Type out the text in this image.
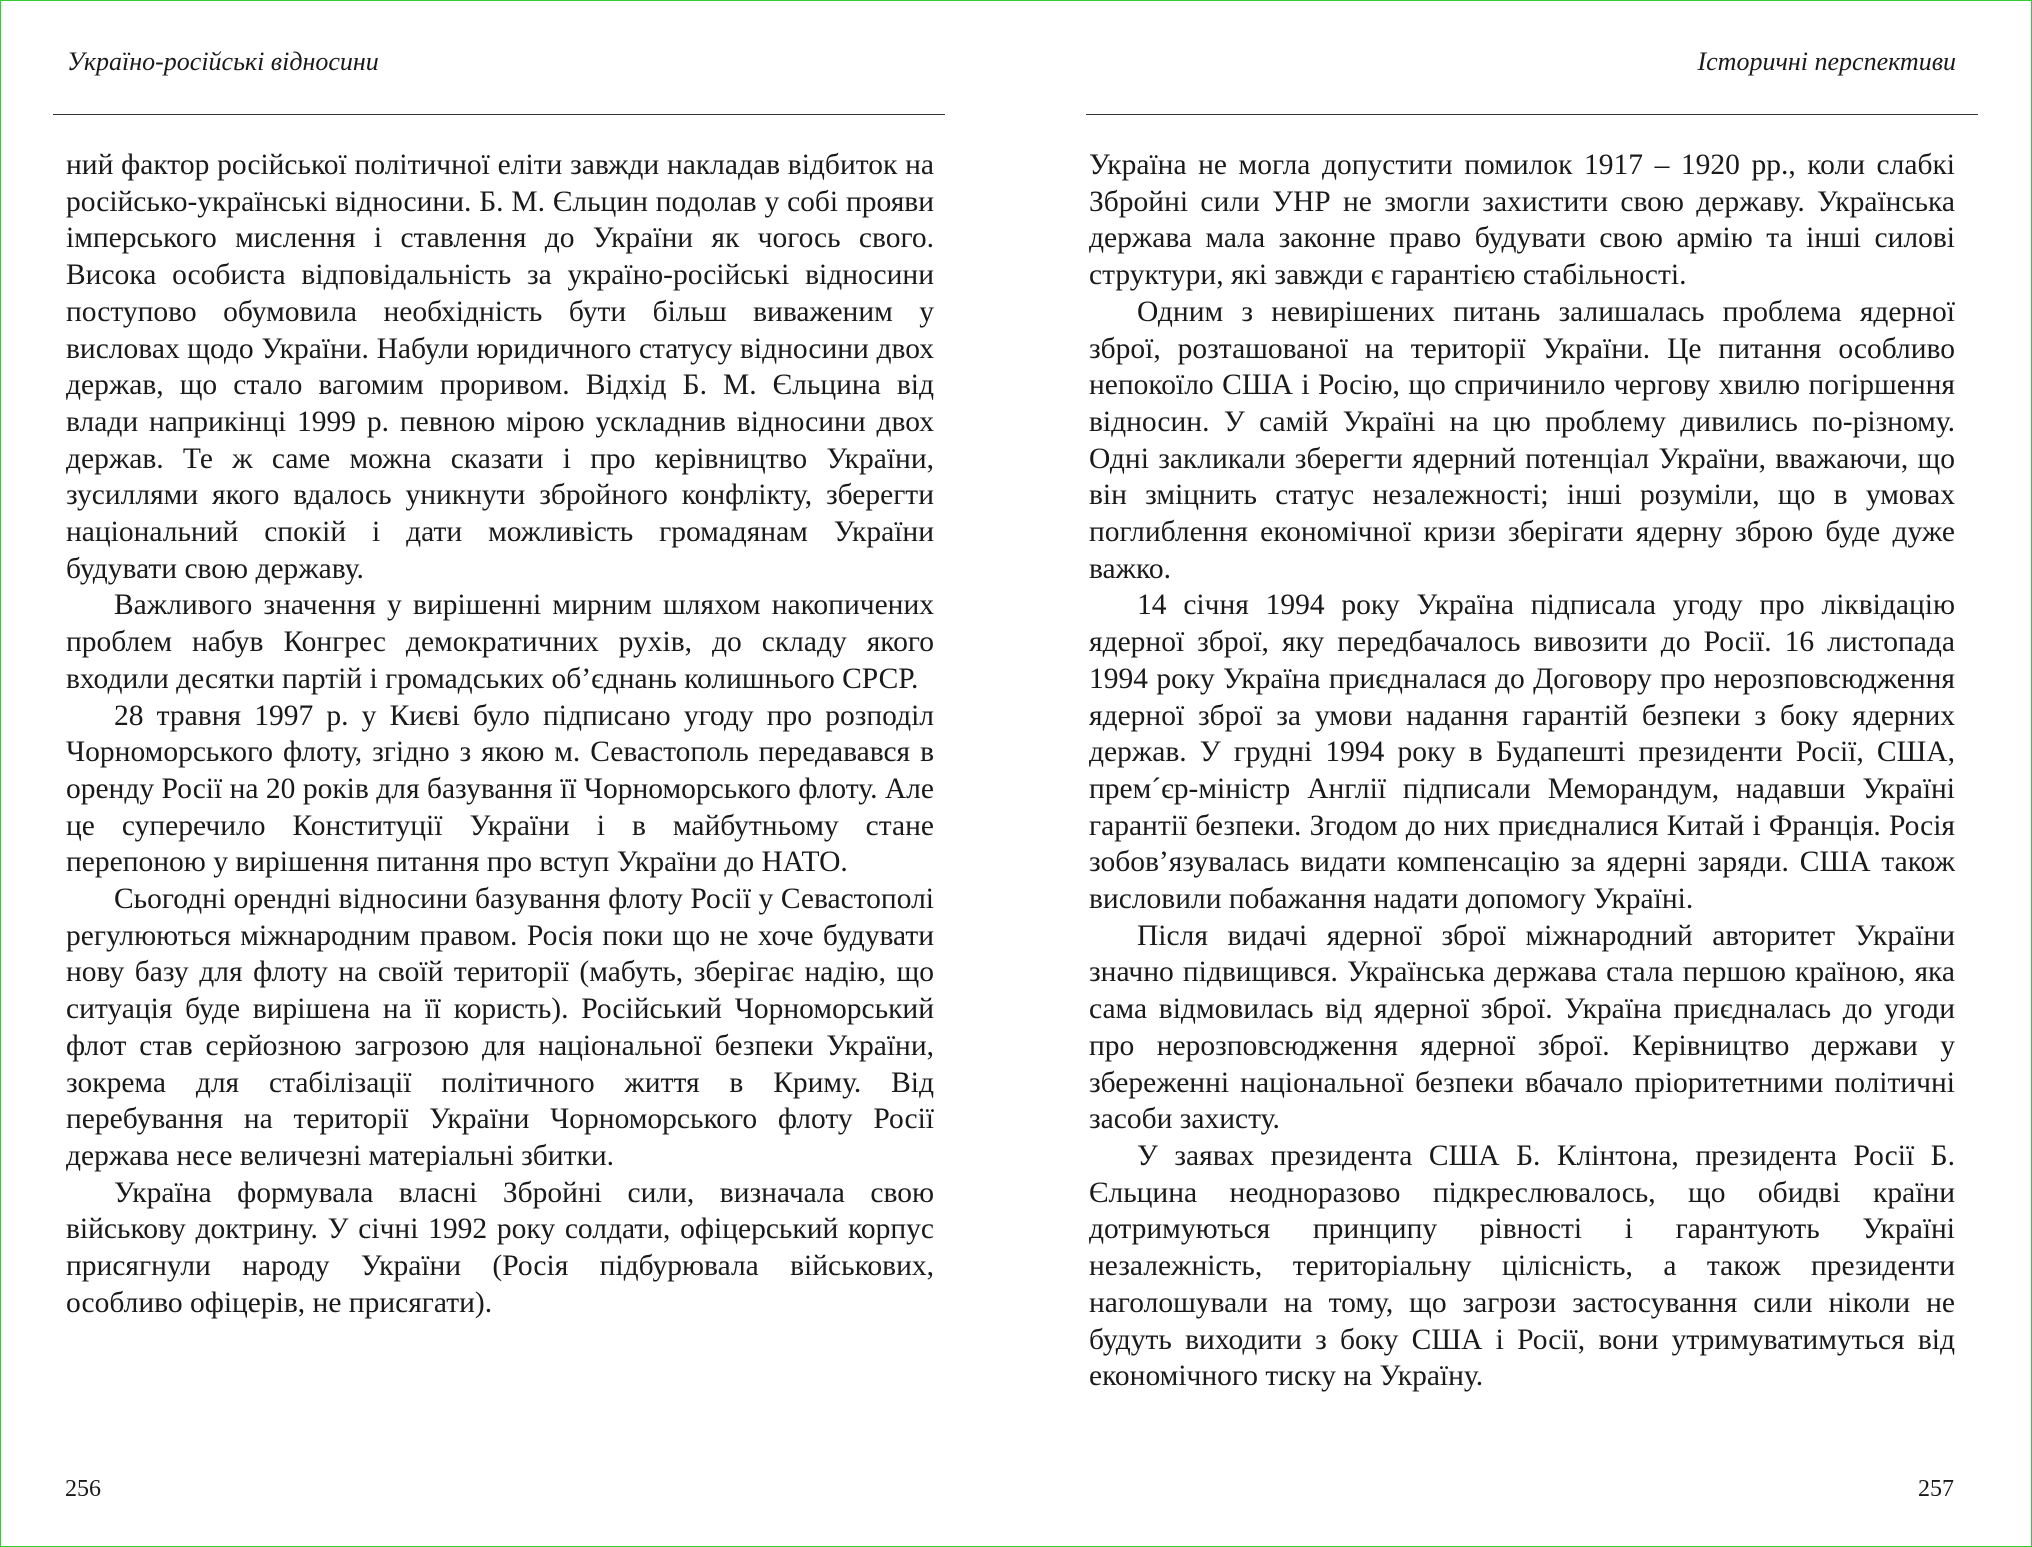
Україно-російські відносини

ний фактор російської політичної еліти завжди накладав відбиток на російсько-українські відносини. Б. М. Єльцин подолав у собі прояви імперського мислення і ставлення до України як чогось свого. Висока особиста відповідальність за україно-російські відносини поступово обумовила необхідність бути більш виваженим у висловах щодо України. Набули юридичного статусу відносини двох держав, що стало вагомим проривом. Відхід Б. М. Єльцина від влади наприкінці 1999 р. певною мірою ускладнив відносини двох держав. Те ж саме можна сказати і про керівництво України, зусиллями якого вдалось уникнути збройного конфлікту, зберегти національний спокій і дати можливість громадянам України будувати свою державу.

Важливого значення у вирішенні мирним шляхом накопичених проблем набув Конгрес демократичних рухів, до складу якого входили десятки партій і громадських об’єднань колишнього СРСР.

28 травня 1997 р. у Києві було підписано угоду про розподіл Чорноморського флоту, згідно з якою м. Севастополь передавався в оренду Росії на 20 років для базування її Чорноморського флоту. Але це суперечило Конституції України і в майбутньому стане перепоною у вирішення питання про вступ України до НАТО.

Сьогодні орендні відносини базування флоту Росії у Севастополі регулюються міжнародним правом. Росія поки що не хоче будувати нову базу для флоту на своїй території (мабуть, зберігає надію, що ситуація буде вирішена на її користь). Російський Чорноморський флот став серйозною загрозою для національної безпеки України, зокрема для стабілізації політичного життя в Криму. Від перебування на території України Чорноморського флоту Росії держава несе величезні матеріальні збитки.

Україна формувала власні Збройні сили, визначала свою військову доктрину. У січні 1992 року солдати, офіцерський корпус присягнули народу України (Росія підбурювала військових, особливо офіцерів, не присягати).

256
Історичні перспективи

Україна не могла допустити помилок 1917 – 1920 рр., коли слабкі Збройні сили УНР не змогли захистити свою державу. Українська держава мала законне право будувати свою армію та інші силові структури, які завжди є гарантією стабільності.

Одним з невирішених питань залишалась проблема ядерної зброї, розташованої на території України. Це питання особливо непокоїло США і Росію, що спричинило чергову хвилю погіршення відносин. У самій Україні на цю проблему дивились по-різному. Одні закликали зберегти ядерний потенціал України, вважаючи, що він зміцнить статус незалежності; інші розуміли, що в умовах поглиблення економічної кризи зберігати ядерну зброю буде дуже важко.

14 січня 1994 року Україна підписала угоду про ліквідацію ядерної зброї, яку передбачалось вивозити до Росії. 16 листопада 1994 року Україна приєдналася до Договору про нерозповсюдження ядерної зброї за умови надання гарантій безпеки з боку ядерних держав. У грудні 1994 року в Будапешті президенти Росії, США, прем´єр-міністр Англії підписали Меморандум, надавши Україні гарантії безпеки. Згодом до них приєдналися Китай і Франція. Росія зобов’язувалась видати компенсацію за ядерні заряди. США також висловили побажання надати допомогу Україні.

Після видачі ядерної зброї міжнародний авторитет України значно підвищився. Українська держава стала першою країною, яка сама відмовилась від ядерної зброї. Україна приєдналась до угоди про нерозповсюдження ядерної зброї. Керівництво держави у збереженні національної безпеки вбачало пріоритетними політичні засоби захисту.

У заявах президента США Б. Клінтона, президента Росії Б. Єльцина неодноразово підкреслювалось, що обидві країни дотримуються принципу рівності і гарантують Україні незалежність, територіальну цілісність, а також президенти наголошували на тому, що загрози застосування сили ніколи не будуть виходити з боку США і Росії, вони утримуватимуться від економічного тиску на Україну.

257
